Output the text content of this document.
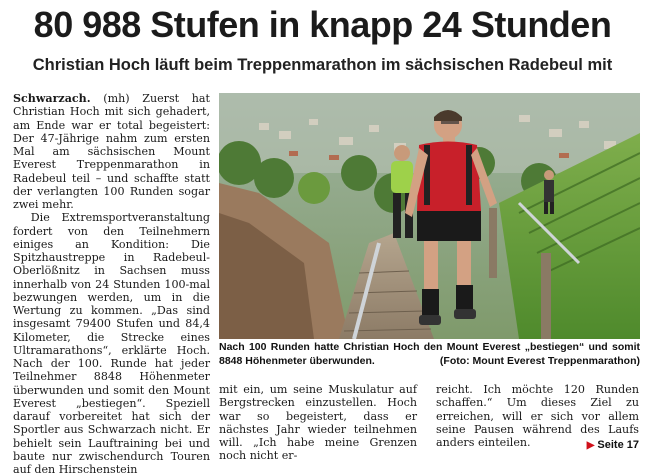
80 988 Stufen in knapp 24 Stunden
Christian Hoch läuft beim Treppenmarathon im sächsischen Radebeul mit

Schwarzach. (mh) Zuerst hat Christian Hoch mit sich gehadert, am Ende war er total begeistert: Der 47-Jährige nahm zum ersten Mal am sächsischen Mount Everest Treppenmarathon in Radebeul teil – und schaffte statt der verlangten 100 Runden sogar zwei mehr.

Die Extremsportveranstaltung fordert von den Teilnehmern einiges an Kondition: Die Spitzhaustreppe in Radebeul-Oberlößnitz in Sachsen muss innerhalb von 24 Stunden 100-mal bezwungen werden, um in die Wertung zu kommen. „Das sind insgesamt 79400 Stufen und 84,4 Kilometer, die Strecke eines Ultramarathons“, erklärte Hoch. Nach der 100. Runde hat jeder Teilnehmer 8848 Höhenmeter überwunden und somit den Mount Everest „bestiegen“. Speziell darauf vorbereitet hat sich der Sportler aus Schwarzach nicht. Er behielt sein Lauftraining bei und baute nur zwischendurch Touren auf den Hirschenstein

Nach 100 Runden hatte Christian Hoch den Mount Everest „bestiegen“ und somit 8848 Höhenmeter überwunden.	(Foto: Mount Everest Treppenmarathon)
mit ein, um seine Muskulatur auf Bergstrecken einzustellen. Hoch war so begeistert, dass er nächstes Jahr wieder teilnehmen will. „Ich habe meine Grenzen noch nicht er-
reicht. Ich möchte 120 Runden schaffen.“ Um dieses Ziel zu erreichen, will er sich vor allem seine Pausen während des Laufs anders einteilen.	▶ Seite 17
